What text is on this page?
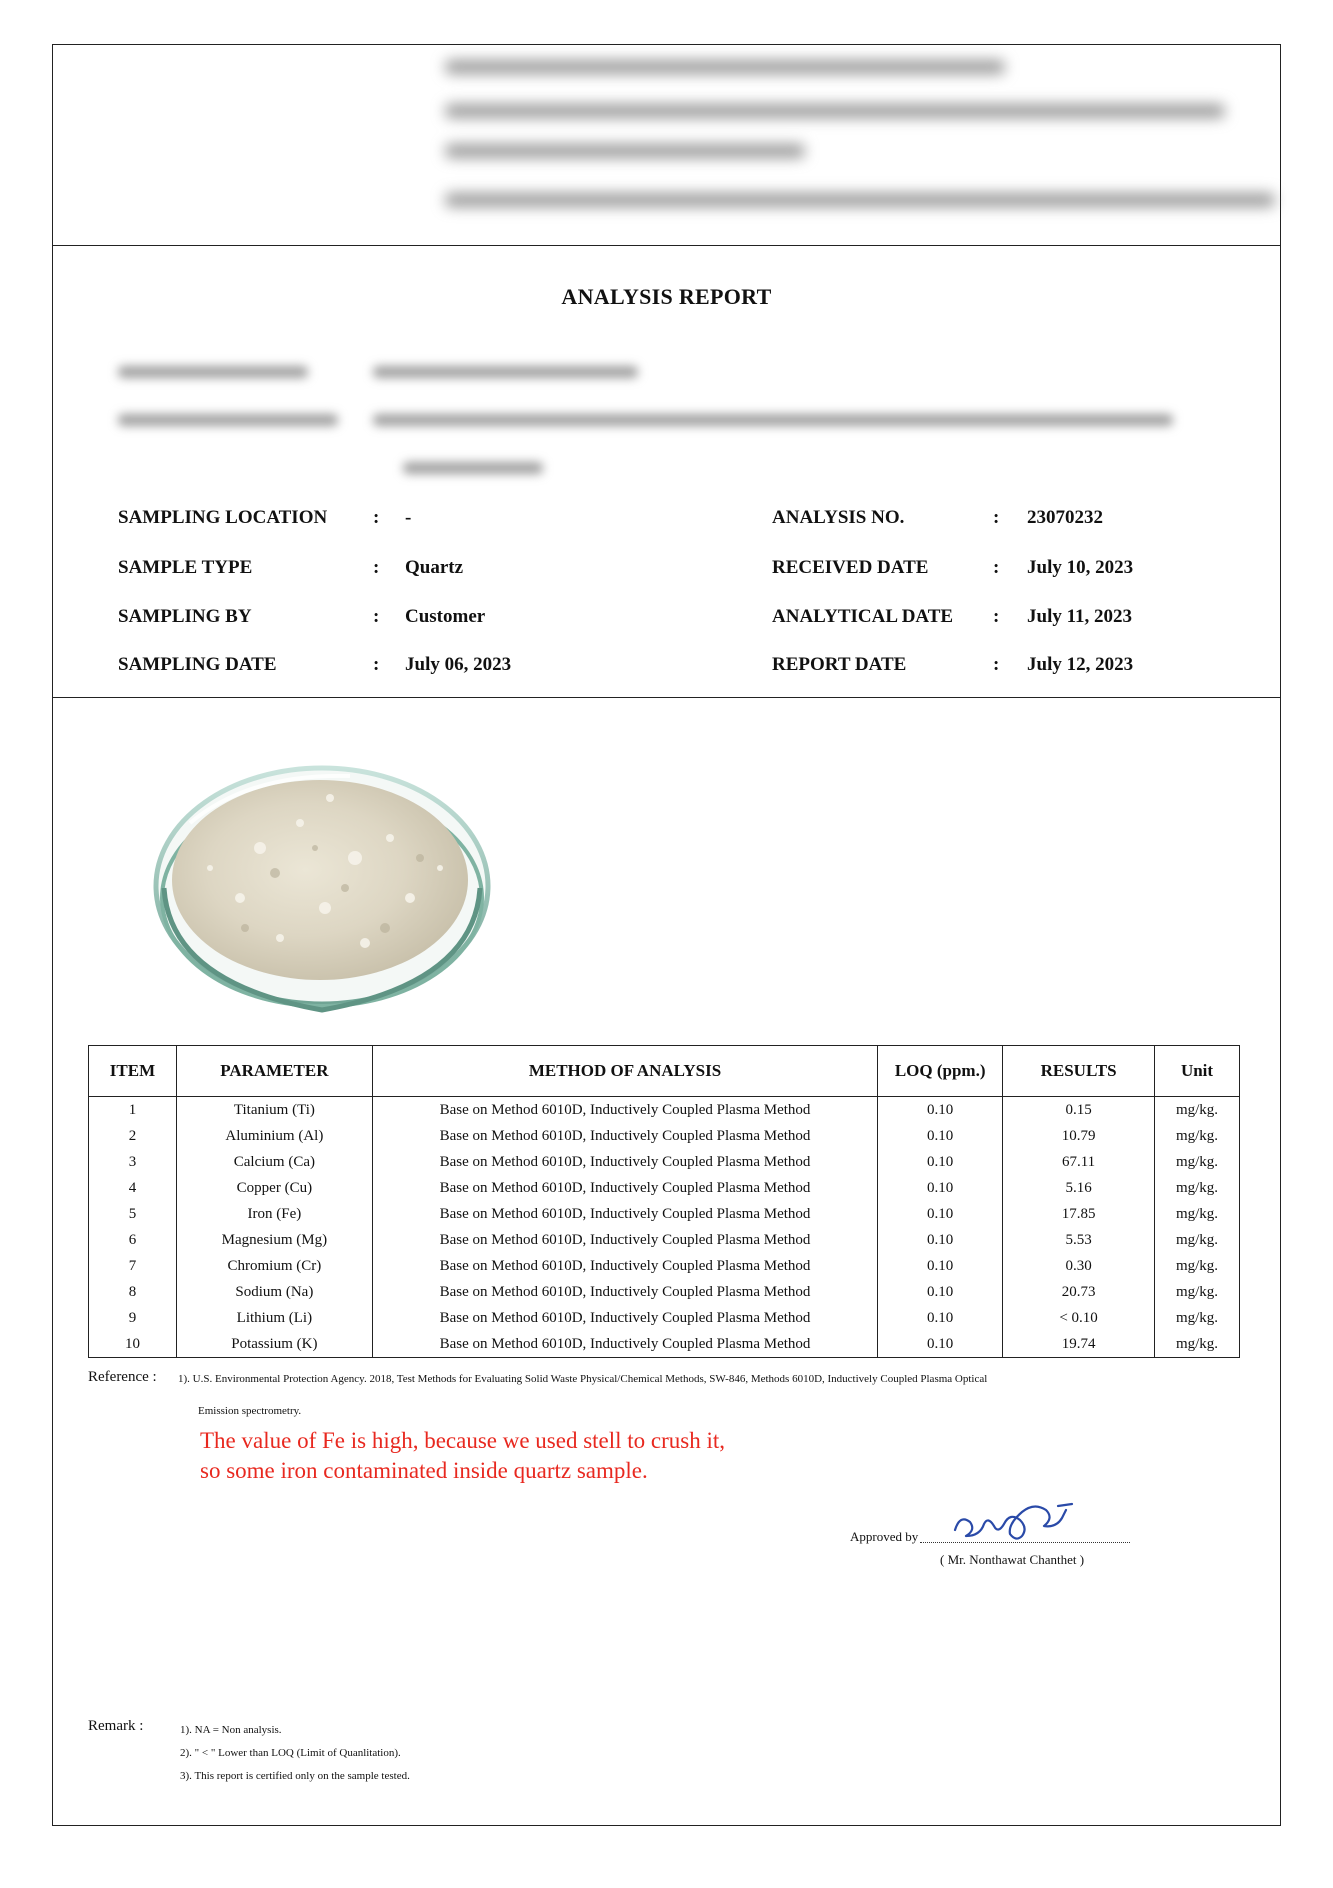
ANALYSIS REPORT
SAMPLING LOCATION : -
SAMPLE TYPE	: Quartz
SAMPLING BY	: Customer
SAMPLING DATE	: July 06, 2023
ANALYSIS NO.	: 23070232
RECEIVED DATE	: July 10, 2023
ANALYTICAL DATE : July 11, 2023
REPORT DATE	: July 12, 2023
ITEM	PARAMETER	METHOD OF ANALYSIS	LOQ (ppm.)	RESULTS	Unit
1	Titanium (Ti)	Base on Method 6010D, Inductively Coupled Plasma Method	0.10	0.15	mg/kg.
2	Aluminium (Al)	Base on Method 6010D, Inductively Coupled Plasma Method	0.10	10.79	mg/kg.
3	Calcium (Ca)	Base on Method 6010D, Inductively Coupled Plasma Method	0.10	67.11	mg/kg.
4	Copper (Cu)	Base on Method 6010D, Inductively Coupled Plasma Method	0.10	5.16	mg/kg.
5	Iron (Fe)	Base on Method 6010D, Inductively Coupled Plasma Method	0.10	17.85	mg/kg.
6	Magnesium (Mg)	Base on Method 6010D, Inductively Coupled Plasma Method	0.10	5.53	mg/kg.
7	Chromium (Cr)	Base on Method 6010D, Inductively Coupled Plasma Method	0.10	0.30	mg/kg.
8	Sodium (Na)	Base on Method 6010D, Inductively Coupled Plasma Method	0.10	20.73	mg/kg.
9	Lithium (Li)	Base on Method 6010D, Inductively Coupled Plasma Method	0.10	< 0.10	mg/kg.
10	Potassium (K)	Base on Method 6010D, Inductively Coupled Plasma Method	0.10	19.74	mg/kg.
Reference : 1). U.S. Environmental Protection Agency. 2018, Test Methods for Evaluating Solid Waste Physical/Chemical Methods, SW-846, Methods 6010D, Inductively Coupled Plasma Optical
Emission spectrometry.
The value of Fe is high, because we used stell to crush it,
so some iron contaminated inside quartz sample.
Approved by
( Mr. Nonthawat Chanthet )
Remark :	1). NA = Non analysis.
2). " < " Lower than LOQ (Limit of Quanlitation).
3). This report is certified only on the sample tested.
